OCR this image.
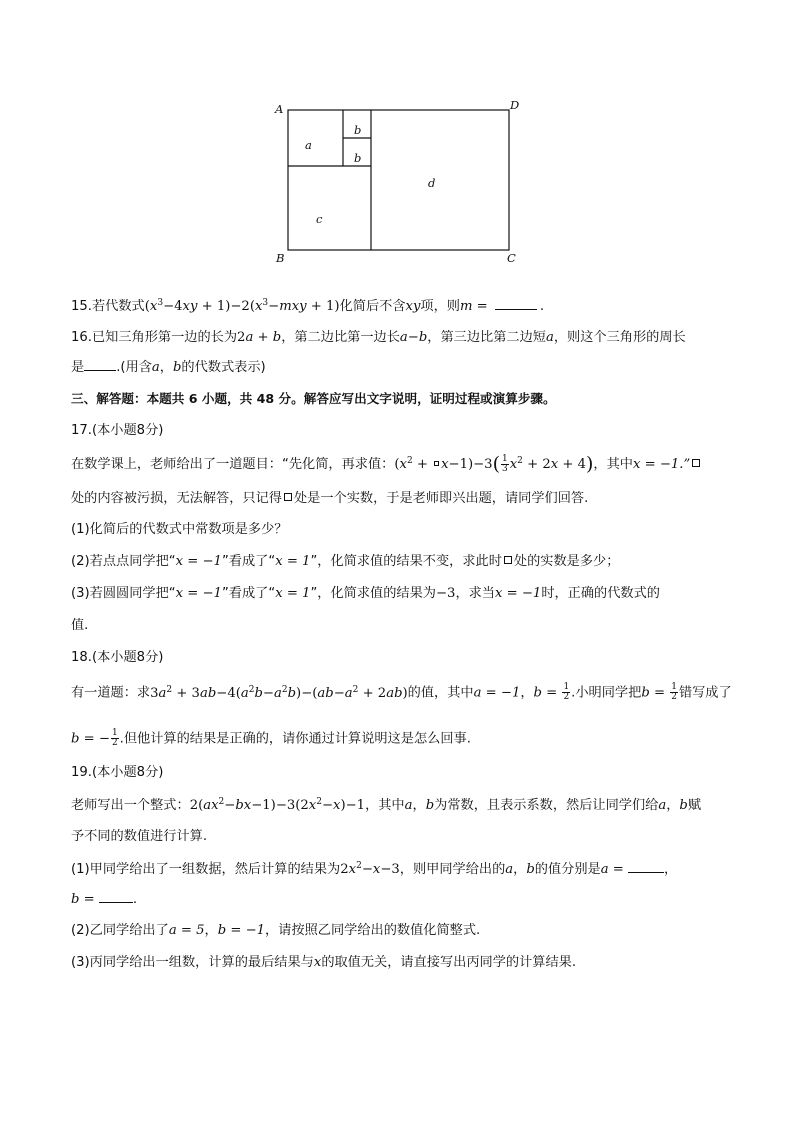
A	D
B	C
a
b
b
c
d
15.若代数式$(x^3-4xy + 1)-2(x^3-mxy + 1)$化简后不含xy项，则m =	.
16.已知三角形第一边的长为2a + b，第二边比第一边长a−b，第三边比第二边短a，则这个三角形的周长
是 .(用含a，b的代数式表示)
三、解答题：本题共 6 小题，共 48 分。解答应写出文字说明，证明过程或演算步骤。
17.(本小题8分)
在数学课上，老师给出了一道题目：“先化简，再求值：$(x^2 + x-1)-3( \frac{1}{3} x^2 + 2x + 4)$，其中x = −1.”
处的内容被污损，无法解答，只记得 处是一个实数，于是老师即兴出题，请同学们回答.
(1)化简后的代数式中常数项是多少？
(2)若点点同学把“x = −1”看成了“x = 1”，化简求值的结果不变，求此时 处的实数是多少；
(3)若圆圆同学把“x = −1”看成了“x = 1”，化简求值的结果为−3，求当x = −1时，正确的代数式的
值.
18.(本小题8分)
有一道题：求$3a^2 + 3ab-4(a^2b-a^2b)-(ab-a^2 + 2ab)$的值，其中a = −1，$b = \frac{1}{2}$ .小明同学把$b = \frac{1}{2}$ 错写成了
b = − $\frac{1}{2}$ .但他计算的结果是正确的，请你通过计算说明这是怎么回事.
19.(本小题8分)
老师写出一个整式：$2(ax^2-bx-1)-3(2x^2-x)-1$，其中a，b为常数，且表示系数，然后让同学们给a，b赋
予不同的数值进行计算.
(1)甲同学给出了一组数据，然后计算的结果为$2x^2-x-3$，则甲同学给出的a，b的值分别是a =	，
b =	.
(2)乙同学给出了a = 5，b = −1，请按照乙同学给出的数值化简整式.
(3)丙同学给出一组数，计算的最后结果与x的取值无关，请直接写出丙同学的计算结果.
